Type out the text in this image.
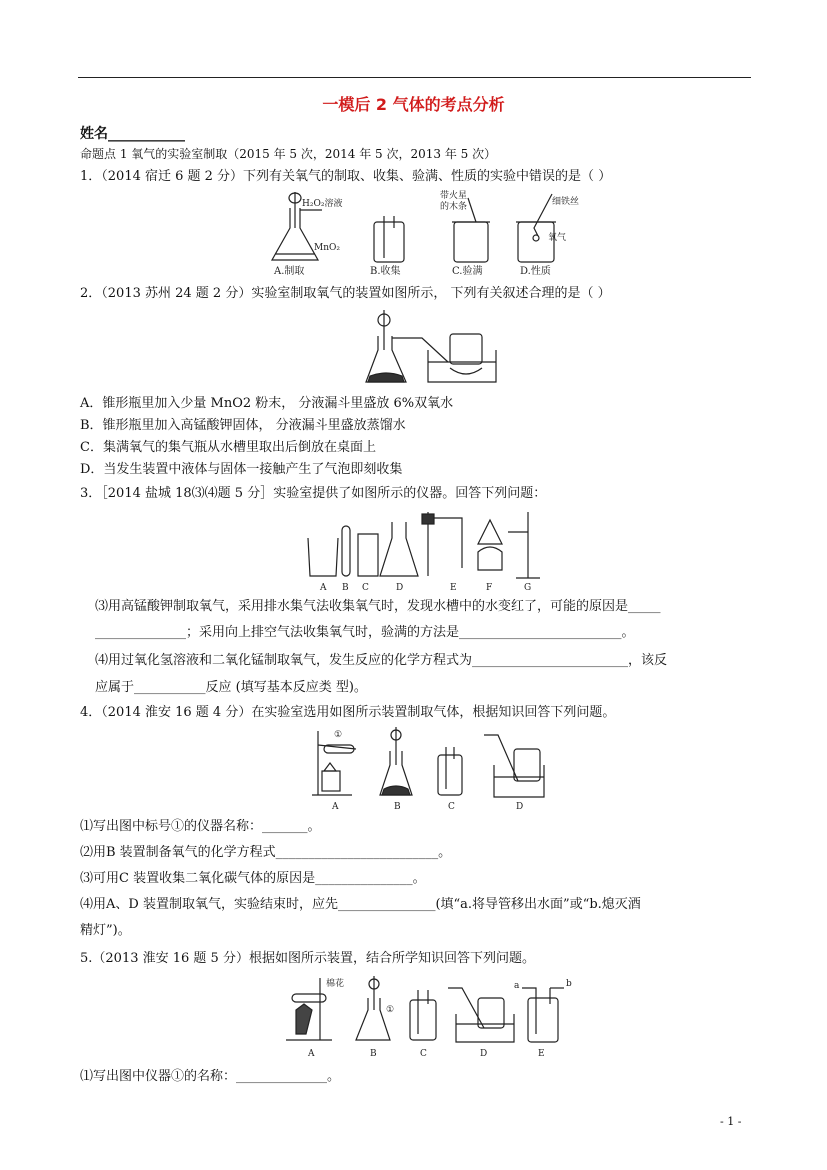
一模后 2 气体的考点分析
姓名___________
命题点 1 氧气的实验室制取（2015 年 5 次，2014 年 5 次，2013 年 5 次）
1．（2014 宿迁 6 题 2 分）下列有关氧气的制取、收集、验满、性质的实验中错误的是（ ）
H₂O₂溶液
MnO₂
带火星
的木条	细铁丝
氧气
A.制取	B.收集	C.验满	D.性质
2．（2013 苏州 24 题 2 分）实验室制取氧气的装置如图所示， 下列有关叙述合理的是（ ）
A．锥形瓶里加入少量 MnO2 粉末， 分液漏斗里盛放 6%双氧水
B．锥形瓶里加入高锰酸钾固体， 分液漏斗里盛放蒸馏水
C．集满氧气的集气瓶从水槽里取出后倒放在桌面上
D．当发生装置中液体与固体一接触产生了气泡即刻收集
3．［2014 盐城 18⑶⑷题 5 分］实验室提供了如图所示的仪器。回答下列问题：
A B C	D	E	F	G
⑶用高锰酸钾制取氧气，采用排水集气法收集氧气时，发现水槽中的水变红了，可能的原因是_____
______________；采用向上排空气法收集氧气时，验满的方法是_________________________。
⑷用过氧化氢溶液和二氧化锰制取氧气，发生反应的化学方程式为________________________，该反
应属于___________反应 (填写基本反应类 型)。
4．（2014 淮安 16 题 4 分）在实验室选用如图所示装置制取气体，根据知识回答下列问题。
①
A	B	C	D
⑴写出图中标号①的仪器名称：_______。
⑵用B 装置制备氧气的化学方程式_________________________。
⑶可用C 装置收集二氧化碳气体的原因是_______________。
⑷用A、D 装置制取氧气，实验结束时，应先_______________(填“a.将导管移出水面”或“b.熄灭酒
精灯”)。
5.（2013 淮安 16 题 5 分）根据如图所示装置，结合所学知识回答下列问题。
棉花
①
a	b
A	B	C	D	E
⑴写出图中仪器①的名称：______________。
- 1 -
